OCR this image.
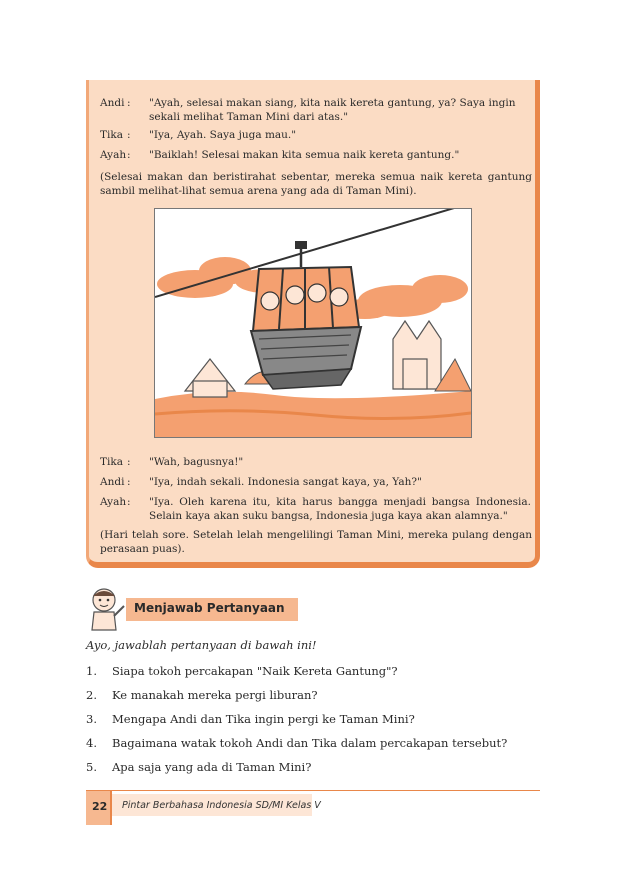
Andi : "Ayah, selesai makan siang, kita naik kereta gantung, ya? Saya ingin sekali melihat Taman Mini dari atas."
Tika : "Iya, Ayah. Saya juga mau."
Ayah : "Baiklah! Selesai makan kita semua naik kereta gantung."
(Selesai makan dan beristirahat sebentar, mereka semua naik kereta gantung sambil melihat-lihat semua arena yang ada di Taman Mini).
Tika : "Wah, bagusnya!"
Andi : "Iya, indah sekali. Indonesia sangat kaya, ya, Yah?"
Ayah : "Iya. Oleh karena itu, kita harus bangga menjadi bangsa Indonesia. Selain kaya akan suku bangsa, Indonesia juga kaya akan alamnya."
(Hari telah sore. Setelah lelah mengelilingi Taman Mini, mereka pulang dengan perasaan puas).
Menjawab Pertanyaan
Ayo, jawablah pertanyaan di bawah ini!
1. Siapa tokoh percakapan "Naik Kereta Gantung"?
2. Ke manakah mereka pergi liburan?
3. Mengapa Andi dan Tika ingin pergi ke Taman Mini?
4. Bagaimana watak tokoh Andi dan Tika dalam percakapan tersebut?
5. Apa saja yang ada di Taman Mini?
22 Pintar Berbahasa Indonesia SD/MI Kelas V
